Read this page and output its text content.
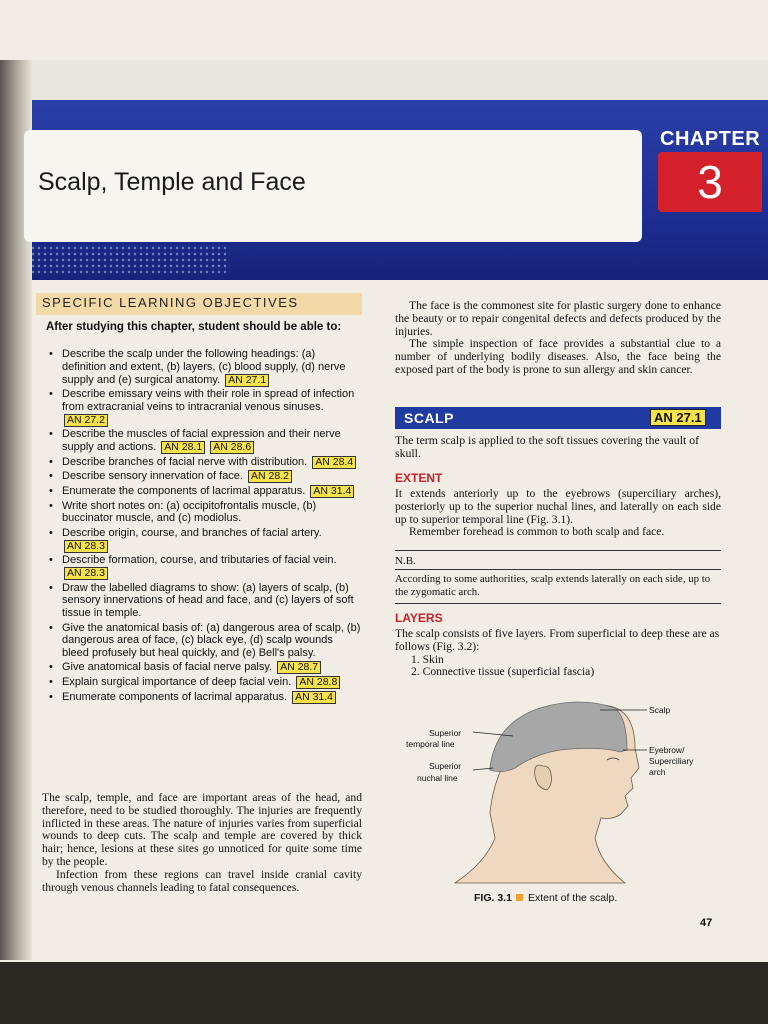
Scalp, Temple and Face
CHAPTER
3
SPECIFIC LEARNING OBJECTIVES
After studying this chapter, student should be able to:
• Describe the scalp under the following headings: (a) definition and extent, (b) layers, (c) blood supply, (d) nerve supply and (e) surgical anatomy. AN 27.1
• Describe emissary veins with their role in spread of infection from extracranial veins to intracranial venous sinuses. AN 27.2
• Describe the muscles of facial expression and their nerve supply and actions. AN 28.1 AN 28.6
• Describe branches of facial nerve with distribution. AN 28.4
• Describe sensory innervation of face. AN 28.2
• Enumerate the components of lacrimal apparatus. AN 31.4
• Write short notes on: (a) occipitofrontalis muscle, (b) buccinator muscle, and (c) modiolus.
• Describe origin, course, and branches of facial artery. AN 28.3
• Describe formation, course, and tributaries of facial vein. AN 28.3
• Draw the labelled diagrams to show: (a) layers of scalp, (b) sensory innervations of head and face, and (c) layers of soft tissue in temple.
• Give the anatomical basis of: (a) dangerous area of scalp, (b) dangerous area of face, (c) black eye, (d) scalp wounds bleed profusely but heal quickly, and (e) Bell's palsy.
• Give anatomical basis of facial nerve palsy. AN 28.7
• Explain surgical importance of deep facial vein. AN 28.8
• Enumerate components of lacrimal apparatus. AN 31.4

The scalp, temple, and face are important areas of the head, and therefore, need to be studied thoroughly. The injuries are frequently inflicted in these areas. The nature of injuries varies from superficial wounds to deep cuts. The scalp and temple are covered by thick hair; hence, lesions at these sites go unnoticed for quite some time by the people.

Infection from these regions can travel inside cranial cavity through venous channels leading to fatal consequences.

The face is the commonest site for plastic surgery done to enhance the beauty or to repair congenital defects and defects produced by the injuries.

The simple inspection of face provides a substantial clue to a number of underlying bodily diseases. Also, the face being the exposed part of the body is prone to sun allergy and skin cancer.

SCALP	AN 27.1
The term scalp is applied to the soft tissues covering the vault of skull.
EXTENT

It extends anteriorly up to the eyebrows (superciliary arches), posteriorly up to the superior nuchal lines, and laterally on each side up to superior temporal line (Fig. 3.1).

Remember forehead is common to both scalp and face.

N.B.
According to some authorities, scalp extends laterally on each side, up to the zygomatic arch.
LAYERS

The scalp consists of five layers. From superficial to deep these are as follows (Fig. 3.2):

1. Skin
2. Connective tissue (superficial fascia)
Scalp
Superior
temporal line
Superior
nuchal line
Eyebrow/
Superciliary
arch
FIG. 3.1 Extent of the scalp.
47
